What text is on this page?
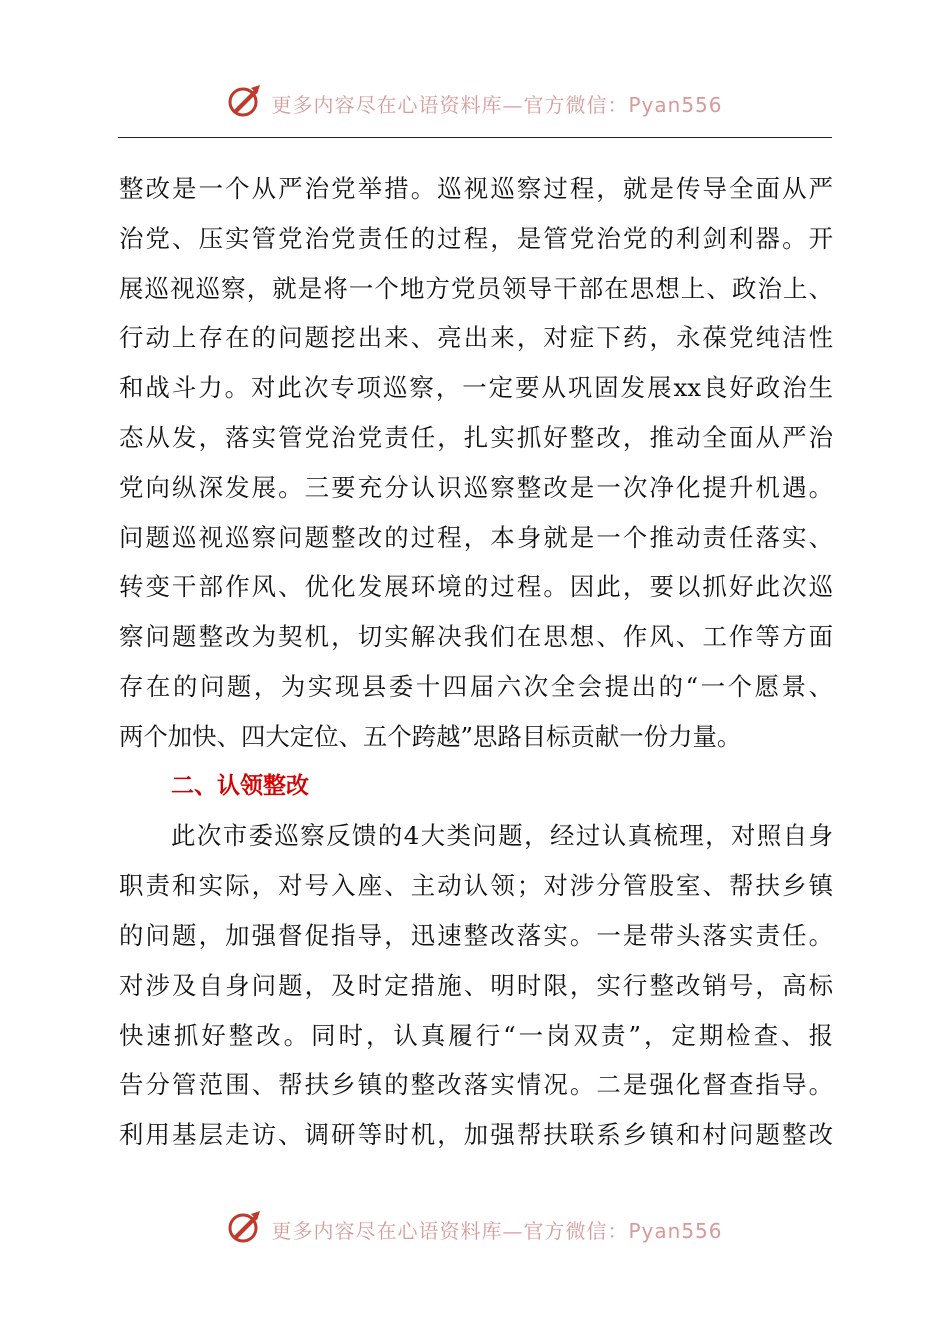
更多内容尽在心语资料库—官方微信：Pyan556
整改是一个从严治党举措。巡视巡察过程，就是传导全面从严
治党、压实管党治党责任的过程，是管党治党的利剑利器。开
展巡视巡察，就是将一个地方党员领导干部在思想上、政治上、
行动上存在的问题挖出来、亮出来，对症下药，永葆党纯洁性
和战斗力。对此次专项巡察，一定要从巩固发展xx良好政治生
态从发，落实管党治党责任，扎实抓好整改，推动全面从严治
党向纵深发展。三要充分认识巡察整改是一次净化提升机遇。
问题巡视巡察问题整改的过程，本身就是一个推动责任落实、
转变干部作风、优化发展环境的过程。因此，要以抓好此次巡
察问题整改为契机，切实解决我们在思想、作风、工作等方面
存在的问题，为实现县委十四届六次全会提出的“一个愿景、
两个加快、四大定位、五个跨越”思路目标贡献一份力量。
二、认领整改
此次市委巡察反馈的4大类问题，经过认真梳理，对照自身
职责和实际，对号入座、主动认领；对涉分管股室、帮扶乡镇
的问题，加强督促指导，迅速整改落实。一是带头落实责任。
对涉及自身问题，及时定措施、明时限，实行整改销号，高标
快速抓好整改。同时，认真履行“一岗双责”，定期检查、报
告分管范围、帮扶乡镇的整改落实情况。二是强化督查指导。
利用基层走访、调研等时机，加强帮扶联系乡镇和村问题整改
更多内容尽在心语资料库—官方微信：Pyan556
